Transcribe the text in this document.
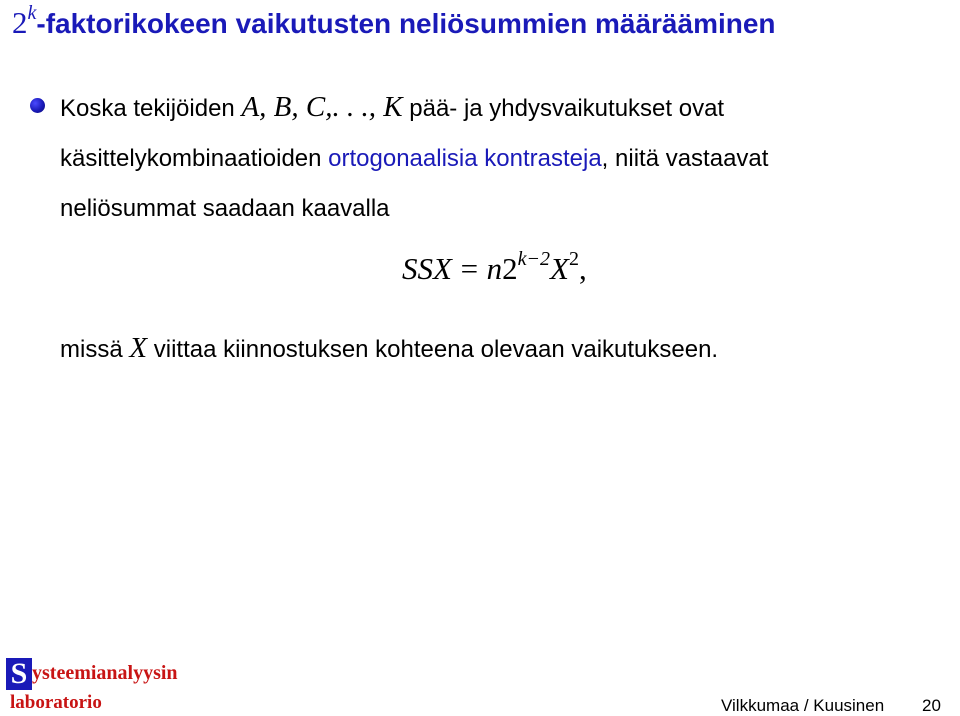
2$^k$-faktorikokeen vaikutusten neliösummien määrääminen
Koska tekijöiden A, B, C,. . ., K pää- ja yhdysvaikutukset ovat
käsittelykombinaatioiden ortogonaalisia kontrasteja, niitä vastaavat
neliösummat saadaan kaavalla
SSX = $n2^{k-2}X^2$,
missä X viittaa kiinnostuksen kohteena olevaan vaikutukseen.
S ysteemianalyysin
laboratorio	Vilkkumaa / Kuusinen 20
